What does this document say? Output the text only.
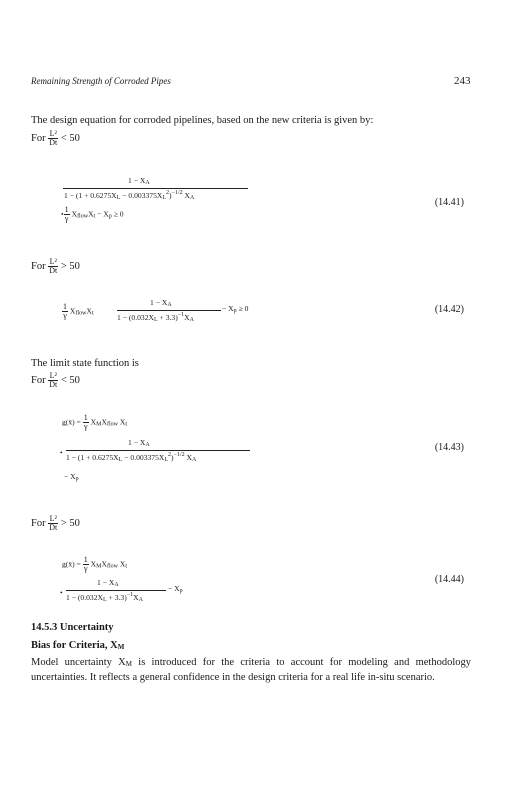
Remaining Strength of Corroded Pipes	243
The design equation for corroded pipelines, based on the new criteria is given by:
For $\frac{\text{L²}}{Dt} < 50$
1 − XA
$1 - (1 + 0.6275XL - 0.003375XL^2)^{-1/2}$ XA
• $\frac{1}{\gamma}$ XflowXt − Xp ≥ 0
(14.41)
For $\frac{\text{L²}}{Dt} > 50$
$\frac{1}{\gamma}$ XflowXt
1 − XA
$1 - (0.032XL + 3.3)^{-1}XA$
− Xp ≥ 0	(14.42)
The limit state function is
For $\frac{\text{L²}}{Dt} < 50$
g(x̄) = $\frac{1}{\gamma}$ XMXflow Xt
•
1 − XA
$1 - (1 + 0.6275XL - 0.003375XL^2)^{-1/2}$ XA
− Xp
(14.43)
For $\frac{\text{L²}}{Dt} > 50$
g(x̄) = $\frac{1}{\gamma}$ XMXflow Xt
•
1 − XA
$1 - (0.032XL + 3.3)^{-1}XA$
− Xp
(14.44)
14.5.3 Uncertainty
Bias for Criteria, XM
Model uncertainty XM is introduced for the criteria to account for modeling and methodology uncertainties. It reflects a general confidence in the design criteria for a real life in-situ scenario.
